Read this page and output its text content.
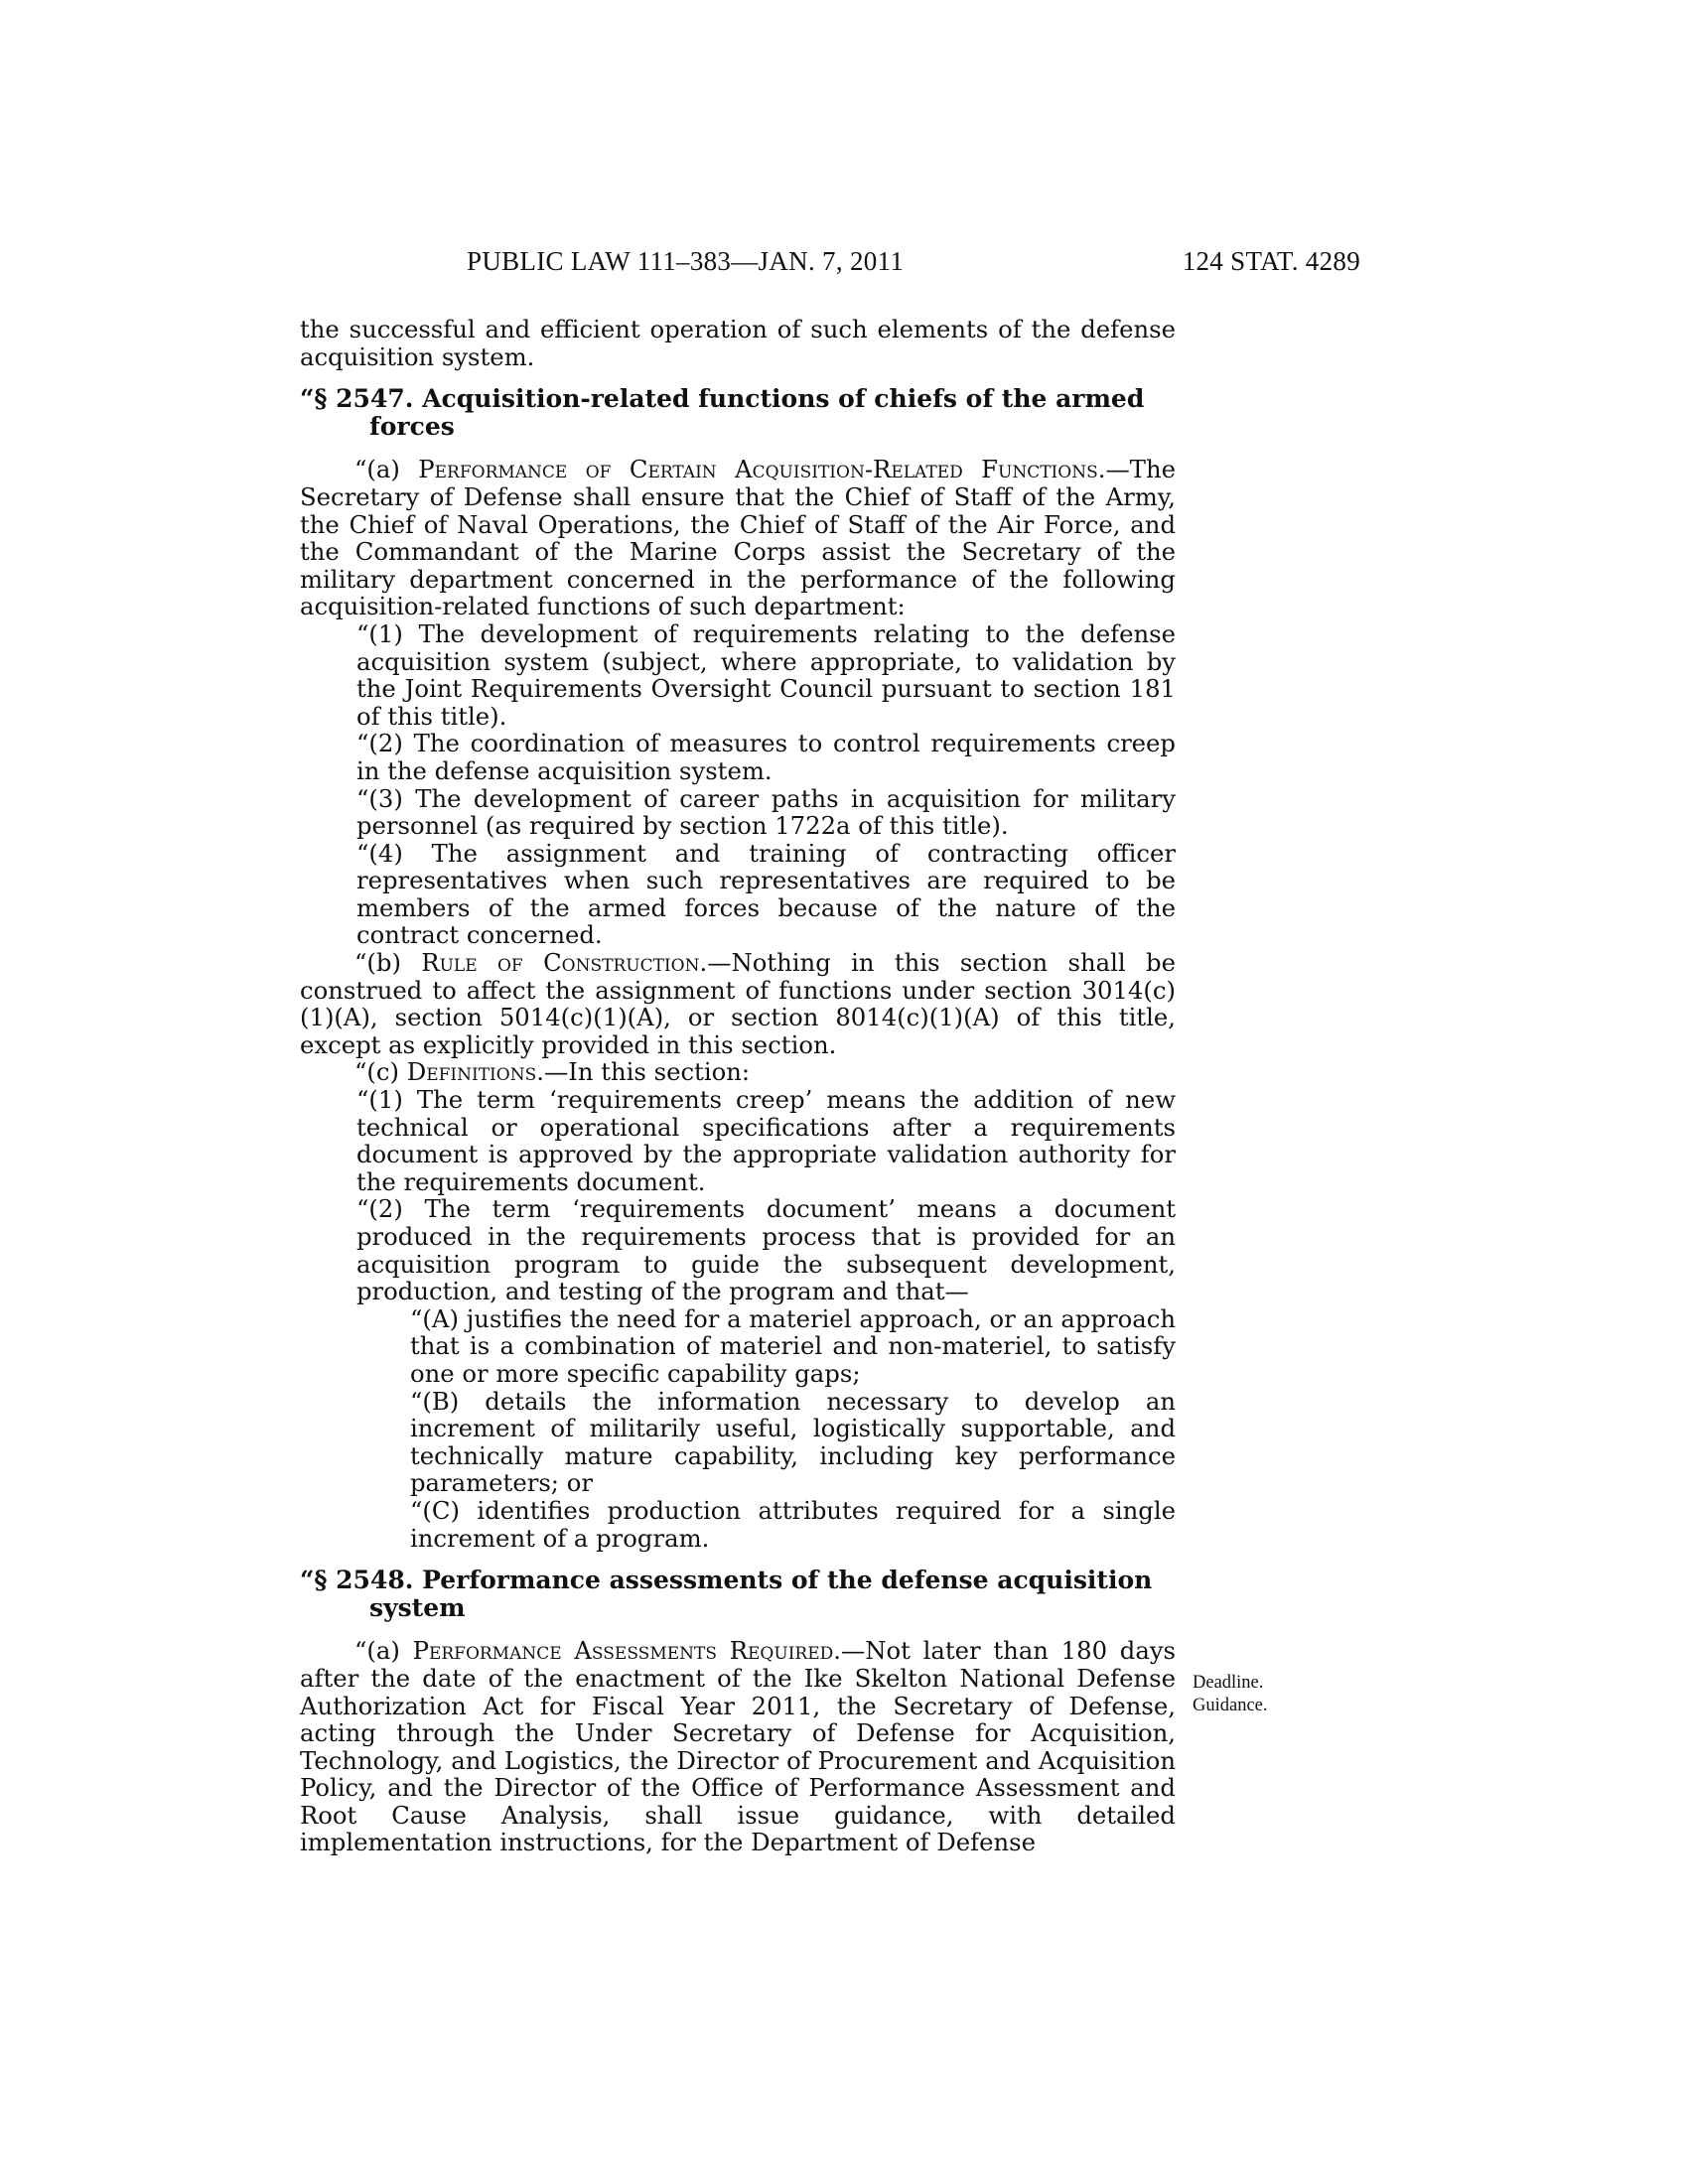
PUBLIC LAW 111–383—JAN. 7, 2011	124 STAT. 4289

the successful and efficient operation of such elements of the defense acquisition system.

“§ 2547. Acquisition-related functions of chiefs of the armed forces

“(a) Performance of Certain Acquisition-Related Functions.—The Secretary of Defense shall ensure that the Chief of Staff of the Army, the Chief of Naval Operations, the Chief of Staff of the Air Force, and the Commandant of the Marine Corps assist the Secretary of the military department concerned in the performance of the following acquisition-related functions of such department:

“(1) The development of requirements relating to the defense acquisition system (subject, where appropriate, to validation by the Joint Requirements Oversight Council pursuant to section 181 of this title).

“(2) The coordination of measures to control requirements creep in the defense acquisition system.

“(3) The development of career paths in acquisition for military personnel (as required by section 1722a of this title).

“(4) The assignment and training of contracting officer representatives when such representatives are required to be members of the armed forces because of the nature of the contract concerned.

“(b) Rule of Construction.—Nothing in this section shall be construed to affect the assignment of functions under section 3014(c)(1)(A), section 5014(c)(1)(A), or section 8014(c)(1)(A) of this title, except as explicitly provided in this section.

“(c) Definitions.—In this section:

“(1) The term ‘requirements creep’ means the addition of new technical or operational specifications after a requirements document is approved by the appropriate validation authority for the requirements document.

“(2) The term ‘requirements document’ means a document produced in the requirements process that is provided for an acquisition program to guide the subsequent development, production, and testing of the program and that—

“(A) justifies the need for a materiel approach, or an approach that is a combination of materiel and non-materiel, to satisfy one or more specific capability gaps;

“(B) details the information necessary to develop an increment of militarily useful, logistically supportable, and technically mature capability, including key performance parameters; or

“(C) identifies production attributes required for a single increment of a program.

“§ 2548. Performance assessments of the defense acquisition system

“(a) Performance Assessments Required.—Not later than 180 days after the date of the enactment of the Ike Skelton National Defense Authorization Act for Fiscal Year 2011, the Secretary of Defense, acting through the Under Secretary of Defense for Acquisition, Technology, and Logistics, the Director of Procurement and Acquisition Policy, and the Director of the Office of Performance Assessment and Root Cause Analysis, shall issue guidance, with detailed implementation instructions, for the Department of Defense

Deadline.
Guidance.
